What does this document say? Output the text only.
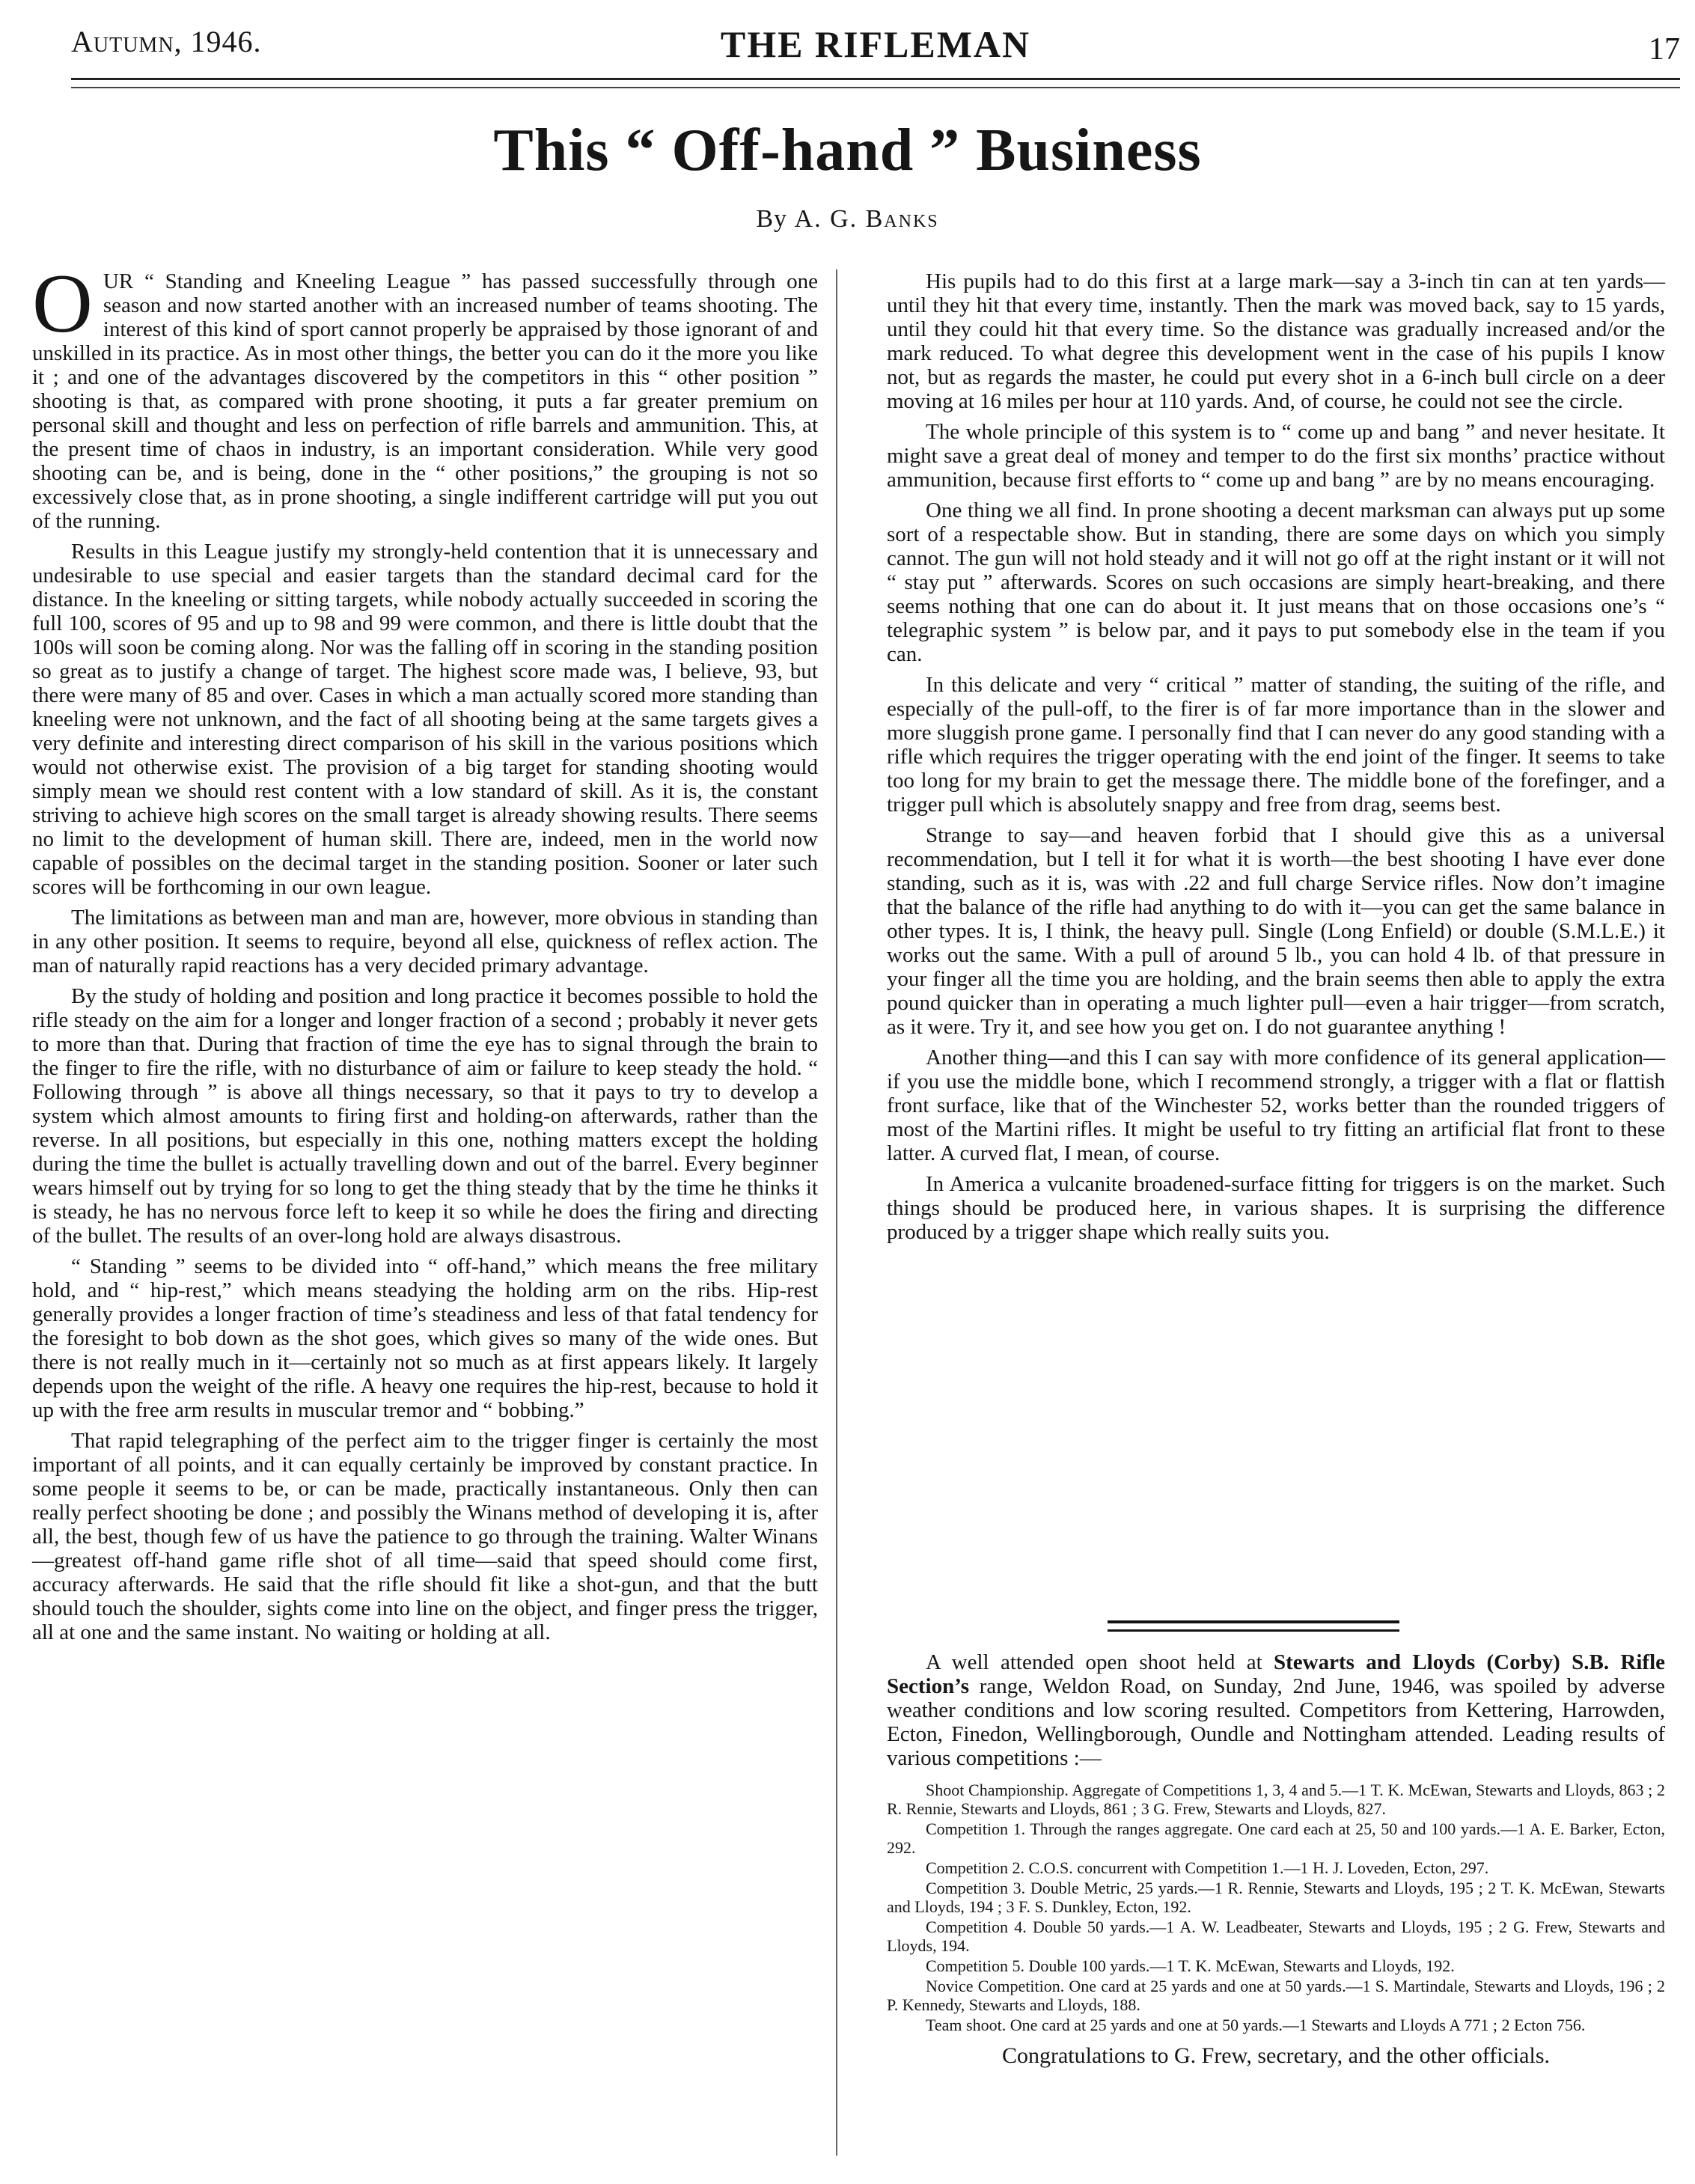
Autumn, 1946.	THE RIFLEMAN	17
This “ Off-hand ” Business
By A. G. Banks

O UR “ Standing and Kneeling League ” has passed successfully through one season and now started another with an increased number of teams shooting. The interest of this kind of sport cannot properly be appraised by those ignorant of and unskilled in its practice. As in most other things, the better you can do it the more you like it ; and one of the advantages discovered by the competitors in this “ other position ” shooting is that, as compared with prone shooting, it puts a far greater premium on personal skill and thought and less on perfection of rifle barrels and ammunition. This, at the present time of chaos in industry, is an important consideration. While very good shooting can be, and is being, done in the “ other positions,” the grouping is not so excessively close that, as in prone shooting, a single indifferent cartridge will put you out of the running.

Results in this League justify my strongly-held contention that it is unnecessary and undesirable to use special and easier targets than the standard decimal card for the distance. In the kneeling or sitting targets, while nobody actually succeeded in scoring the full 100, scores of 95 and up to 98 and 99 were common, and there is little doubt that the 100s will soon be coming along. Nor was the falling off in scoring in the standing position so great as to justify a change of target. The highest score made was, I believe, 93, but there were many of 85 and over. Cases in which a man actually scored more standing than kneeling were not unknown, and the fact of all shooting being at the same targets gives a very definite and interesting direct comparison of his skill in the various positions which would not otherwise exist. The provision of a big target for standing shooting would simply mean we should rest content with a low standard of skill. As it is, the constant striving to achieve high scores on the small target is already showing results. There seems no limit to the development of human skill. There are, indeed, men in the world now capable of possibles on the decimal target in the standing position. Sooner or later such scores will be forthcoming in our own league.

The limitations as between man and man are, however, more obvious in standing than in any other position. It seems to require, beyond all else, quickness of reflex action. The man of naturally rapid reactions has a very decided primary advantage.

By the study of holding and position and long practice it becomes possible to hold the rifle steady on the aim for a longer and longer fraction of a second ; probably it never gets to more than that. During that fraction of time the eye has to signal through the brain to the finger to fire the rifle, with no disturbance of aim or failure to keep steady the hold. “ Following through ” is above all things necessary, so that it pays to try to develop a system which almost amounts to firing first and holding-on afterwards, rather than the reverse. In all positions, but especially in this one, nothing matters except the holding during the time the bullet is actually travelling down and out of the barrel. Every beginner wears himself out by trying for so long to get the thing steady that by the time he thinks it is steady, he has no nervous force left to keep it so while he does the firing and directing of the bullet. The results of an over-long hold are always disastrous.

“ Standing ” seems to be divided into “ off-hand,” which means the free military hold, and “ hip-rest,” which means steadying the holding arm on the ribs. Hip-rest generally provides a longer fraction of time’s steadiness and less of that fatal tendency for the foresight to bob down as the shot goes, which gives so many of the wide ones. But there is not really much in it—certainly not so much as at first appears likely. It largely depends upon the weight of the rifle. A heavy one requires the hip-rest, because to hold it up with the free arm results in muscular tremor and “ bobbing.”

That rapid telegraphing of the perfect aim to the trigger finger is certainly the most important of all points, and it can equally certainly be improved by constant practice. In some people it seems to be, or can be made, practically instantaneous. Only then can really perfect shooting be done ; and possibly the Winans method of developing it is, after all, the best, though few of us have the patience to go through the training. Walter Winans—greatest off-hand game rifle shot of all time—said that speed should come first, accuracy afterwards. He said that the rifle should fit like a shot-gun, and that the butt should touch the shoulder, sights come into line on the object, and finger press the trigger, all at one and the same instant. No waiting or holding at all.

His pupils had to do this first at a large mark—say a 3-inch tin can at ten yards—until they hit that every time, instantly. Then the mark was moved back, say to 15 yards, until they could hit that every time. So the distance was gradually increased and/or the mark reduced. To what degree this development went in the case of his pupils I know not, but as regards the master, he could put every shot in a 6-inch bull circle on a deer moving at 16 miles per hour at 110 yards. And, of course, he could not see the circle.

The whole principle of this system is to “ come up and bang ” and never hesitate. It might save a great deal of money and temper to do the first six months’ practice without ammunition, because first efforts to “ come up and bang ” are by no means encouraging.

One thing we all find. In prone shooting a decent marksman can always put up some sort of a respectable show. But in standing, there are some days on which you simply cannot. The gun will not hold steady and it will not go off at the right instant or it will not “ stay put ” afterwards. Scores on such occasions are simply heart-breaking, and there seems nothing that one can do about it. It just means that on those occasions one’s “ telegraphic system ” is below par, and it pays to put somebody else in the team if you can.

In this delicate and very “ critical ” matter of standing, the suiting of the rifle, and especially of the pull-off, to the firer is of far more importance than in the slower and more sluggish prone game. I personally find that I can never do any good standing with a rifle which requires the trigger operating with the end joint of the finger. It seems to take too long for my brain to get the message there. The middle bone of the forefinger, and a trigger pull which is absolutely snappy and free from drag, seems best.

Strange to say—and heaven forbid that I should give this as a universal recommendation, but I tell it for what it is worth—the best shooting I have ever done standing, such as it is, was with .22 and full charge Service rifles. Now don’t imagine that the balance of the rifle had anything to do with it—you can get the same balance in other types. It is, I think, the heavy pull. Single (Long Enfield) or double (S.M.L.E.) it works out the same. With a pull of around 5 lb., you can hold 4 lb. of that pressure in your finger all the time you are holding, and the brain seems then able to apply the extra pound quicker than in operating a much lighter pull—even a hair trigger—from scratch, as it were. Try it, and see how you get on. I do not guarantee anything !

Another thing—and this I can say with more confidence of its general application—if you use the middle bone, which I recommend strongly, a trigger with a flat or flattish front surface, like that of the Winchester 52, works better than the rounded triggers of most of the Martini rifles. It might be useful to try fitting an artificial flat front to these latter. A curved flat, I mean, of course.

In America a vulcanite broadened-surface fitting for triggers is on the market. Such things should be produced here, in various shapes. It is surprising the difference produced by a trigger shape which really suits you.

A well attended open shoot held at Stewarts and Lloyds (Corby) S.B. Rifle Section’s range, Weldon Road, on Sunday, 2nd June, 1946, was spoiled by adverse weather conditions and low scoring resulted. Competitors from Kettering, Harrowden, Ecton, Finedon, Wellingborough, Oundle and Nottingham attended. Leading results of various competitions :—

Shoot Championship. Aggregate of Competitions 1, 3, 4 and 5.—1 T. K. McEwan, Stewarts and Lloyds, 863 ; 2 R. Rennie, Stewarts and Lloyds, 861 ; 3 G. Frew, Stewarts and Lloyds, 827.

Competition 1. Through the ranges aggregate. One card each at 25, 50 and 100 yards.—1 A. E. Barker, Ecton, 292.

Competition 2. C.O.S. concurrent with Competition 1.—1 H. J. Loveden, Ecton, 297.

Competition 3. Double Metric, 25 yards.—1 R. Rennie, Stewarts and Lloyds, 195 ; 2 T. K. McEwan, Stewarts and Lloyds, 194 ; 3 F. S. Dunkley, Ecton, 192.

Competition 4. Double 50 yards.—1 A. W. Leadbeater, Stewarts and Lloyds, 195 ; 2 G. Frew, Stewarts and Lloyds, 194.

Competition 5. Double 100 yards.—1 T. K. McEwan, Stewarts and Lloyds, 192.

Novice Competition. One card at 25 yards and one at 50 yards.—1 S. Martindale, Stewarts and Lloyds, 196 ; 2 P. Kennedy, Stewarts and Lloyds, 188.

Team shoot. One card at 25 yards and one at 50 yards.—1 Stewarts and Lloyds A 771 ; 2 Ecton 756.

Congratulations to G. Frew, secretary, and the other officials.
